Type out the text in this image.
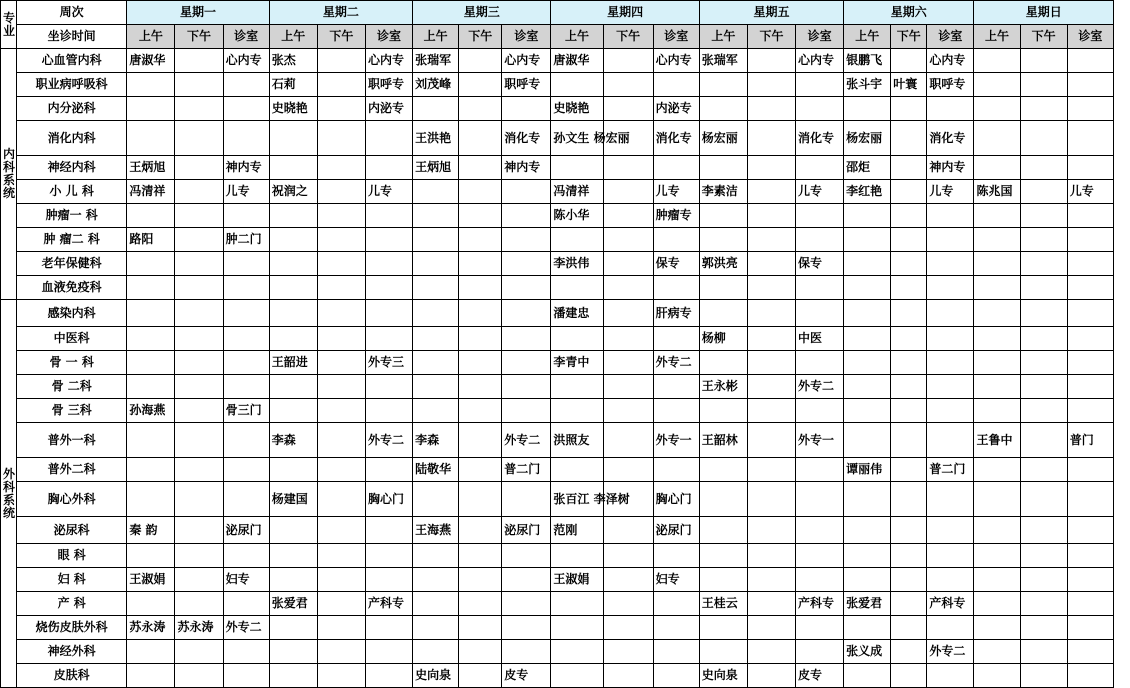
专
业	周次	星期一			星期二			星期三			星期四			星期五			星期六			星期日		
	坐诊时间	上午	下午	诊室	上午	下午	诊室	上午	下午	诊室	上午	下午	诊室	上午	下午	诊室	上午	下午	诊室	上午	下午	诊室

内
科
系
统	心血管内科	唐淑华		心内专	张杰		心内专	张瑞军		心内专	唐淑华		心内专	张瑞军		心内专	银鹏飞		心内专			
	职业病呼吸科				石莉		职呼专	刘茂峰		职呼专							张斗宇	叶寰	职呼专			
	内分泌科				史晓艳		内泌专				史晓艳		内泌专									
	消化内科							王洪艳		消化专	孙文生 杨宏丽		消化专	杨宏丽		消化专	杨宏丽		消化专			
	神经内科	王炳旭		神内专				王炳旭		神内专							邵炬		神内专			
	小 儿 科	冯清祥		儿专	祝润之		儿专				冯清祥		儿专	李素洁		儿专	李红艳		儿专	陈兆国		儿专
	肿瘤一 科										陈小华		肿瘤专									
	肿 瘤二 科	路阳		肿二门																		
	老年保健科										李洪伟		保专	郭洪亮		保专						
	血液免疫科																					

外
科
系
统	感染内科										潘建忠		肝病专									
	中医科													杨柳		中医						
	骨 一 科				王韶进		外专三				李青中		外专二									
	骨 二科													王永彬		外专二						
	骨 三科	孙海燕		骨三门																		
	普外一科				李森		外专二	李森		外专二	洪照友		外专一	王韶林		外专一				王鲁中		普门
	普外二科							陆敬华		普二门							谭丽伟		普二门			
	胸心外科				杨建国		胸心门				张百江 李泽树		胸心门									
	泌尿科	秦 韵		泌尿门				王海燕		泌尿门	范刚		泌尿门									
	眼 科																					
	妇 科	王淑娟		妇专							王淑娟		妇专									
	产 科				张爱君		产科专							王桂云		产科专	张爱君		产科专			
	烧伤皮肤外科	苏永涛	苏永涛	外专二																		
	神经外科																张义成		外专二			
	皮肤科							史向泉		皮专				史向泉		皮专						
